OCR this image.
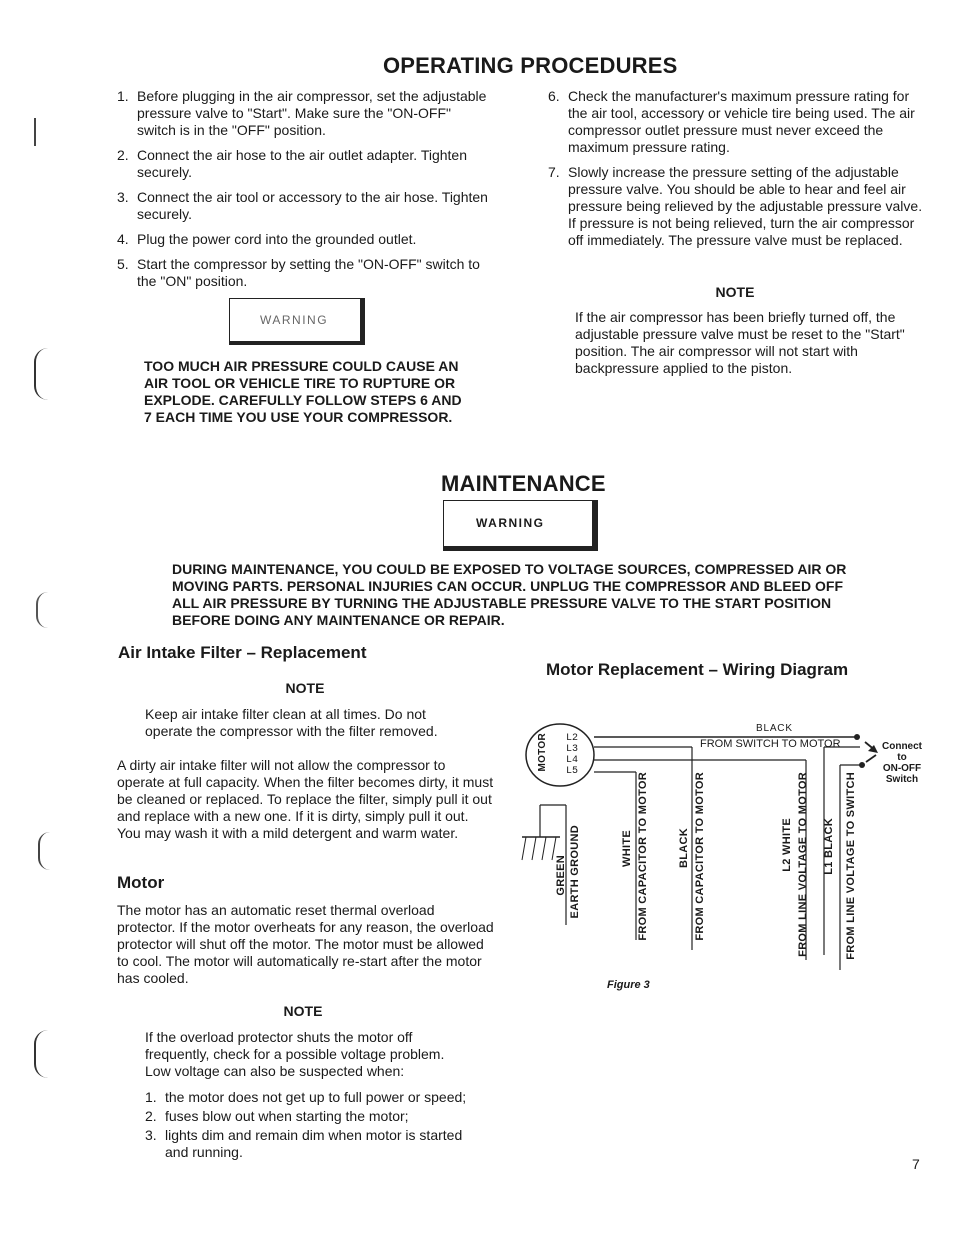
OPERATING PROCEDURES
1. Before plugging in the air compressor, set the adjustable pressure valve to "Start". Make sure the "ON-OFF" switch is in the "OFF" position.
2. Connect the air hose to the air outlet adapter. Tighten securely.
3. Connect the air tool or accessory to the air hose. Tighten securely.
4. Plug the power cord into the grounded outlet.
5. Start the compressor by setting the "ON-OFF" switch to the "ON" position.
WARNING
TOO MUCH AIR PRESSURE COULD CAUSE AN AIR TOOL OR VEHICLE TIRE TO RUPTURE OR EXPLODE. CAREFULLY FOLLOW STEPS 6 AND 7 EACH TIME YOU USE YOUR COMPRESSOR.
6. Check the manufacturer's maximum pressure rating for the air tool, accessory or vehicle tire being used. The air compressor outlet pressure must never exceed the maximum pressure rating.
7. Slowly increase the pressure setting of the adjustable pressure valve. You should be able to hear and feel air pressure being relieved by the adjustable pressure valve. If pressure is not being relieved, turn the air compressor off immediately. The pressure valve must be replaced.
NOTE
If the air compressor has been briefly turned off, the adjustable pressure valve must be reset to the "Start" position. The air compressor will not start with backpressure applied to the piston.
MAINTENANCE
WARNING
DURING MAINTENANCE, YOU COULD BE EXPOSED TO VOLTAGE SOURCES, COMPRESSED AIR OR MOVING PARTS. PERSONAL INJURIES CAN OCCUR. UNPLUG THE COMPRESSOR AND BLEED OFF ALL AIR PRESSURE BY TURNING THE ADJUSTABLE PRESSURE VALVE TO THE START POSITION BEFORE DOING ANY MAINTENANCE OR REPAIR.
Air Intake Filter – Replacement
NOTE
Keep air intake filter clean at all times. Do not operate the compressor with the filter removed.
A dirty air intake filter will not allow the compressor to operate at full capacity. When the filter becomes dirty, it must be cleaned or replaced. To replace the filter, simply pull it out and replace with a new one. If it is dirty, simply pull it out. You may wash it with a mild detergent and warm water.
Motor
The motor has an automatic reset thermal overload protector. If the motor overheats for any reason, the overload protector will shut off the motor. The motor must be allowed to cool. The motor will automatically re-start after the motor has cooled.
NOTE
If the overload protector shuts the motor off frequently, check for a possible voltage problem. Low voltage can also be suspected when:
1. the motor does not get up to full power or speed;
2. fuses blow out when starting the motor;
3. lights dim and remain dim when motor is started and running.
Motor Replacement – Wiring Diagram
MOTOR L2
L3
L4
L5
BLACK
FROM SWITCH TO MOTOR	Connect
to
ON-OFF
Switch
GREEN EARTH GROUND	WHITE FROM CAPACITOR TO MOTOR	BLACK FROM CAPACITOR TO MOTOR	L2 WHITE FROM LINE VOLTAGE TO MOTOR L1 BLACK FROM LINE VOLTAGE TO SWITCH
Figure 3
7
